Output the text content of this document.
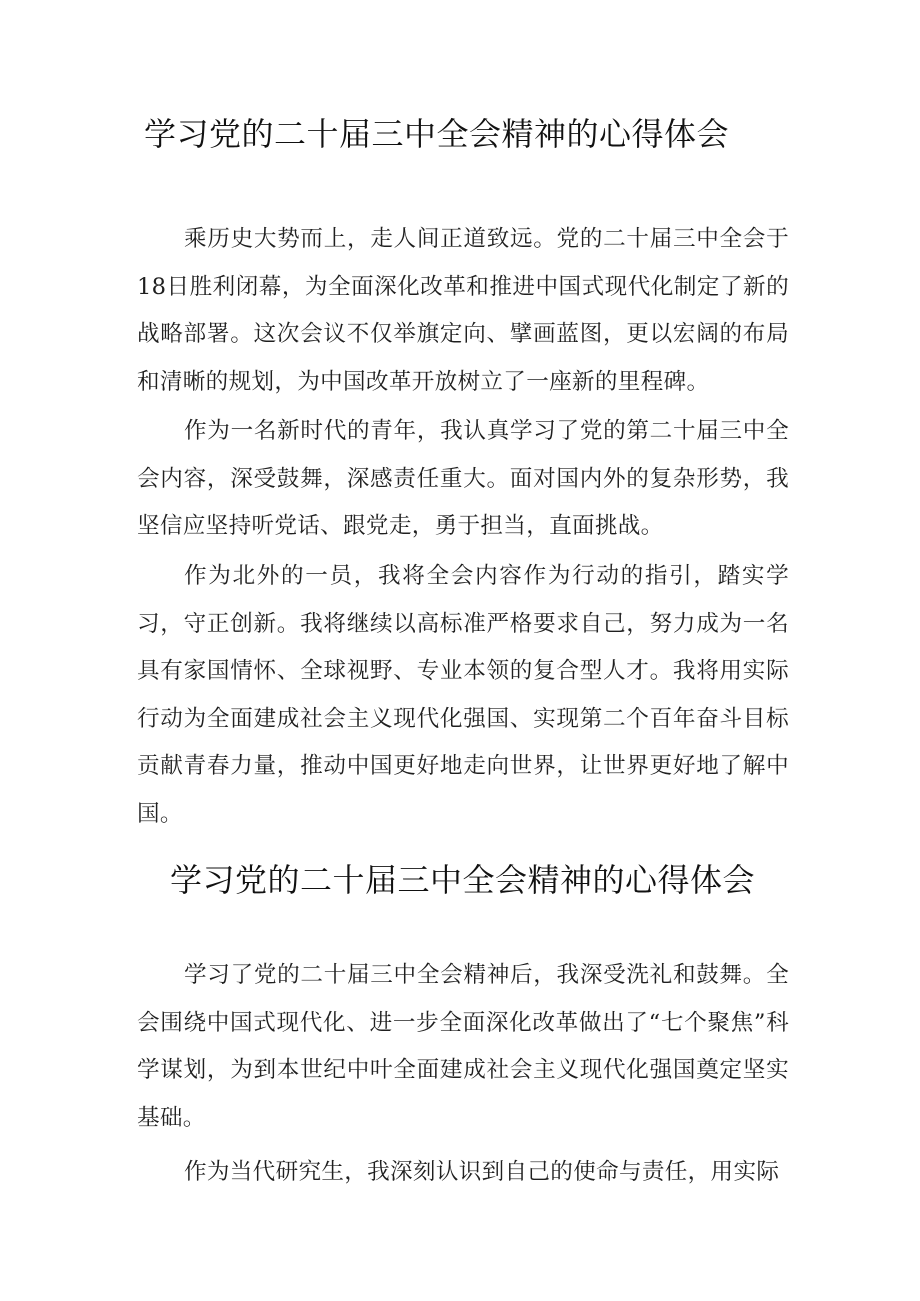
学习党的二十届三中全会精神的心得体会

乘历史大势而上，走人间正道致远。党的二十届三中全会于18日胜利闭幕，为全面深化改革和推进中国式现代化制定了新的战略部署。这次会议不仅举旗定向、擘画蓝图，更以宏阔的布局和清晰的规划，为中国改革开放树立了一座新的里程碑。

作为一名新时代的青年，我认真学习了党的第二十届三中全会内容，深受鼓舞，深感责任重大。面对国内外的复杂形势，我坚信应坚持听党话、跟党走，勇于担当，直面挑战。

作为北外的一员，我将全会内容作为行动的指引，踏实学习，守正创新。我将继续以高标准严格要求自己，努力成为一名具有家国情怀、全球视野、专业本领的复合型人才。我将用实际行动为全面建成社会主义现代化强国、实现第二个百年奋斗目标贡献青春力量，推动中国更好地走向世界，让世界更好地了解中国。

学习党的二十届三中全会精神的心得体会

学习了党的二十届三中全会精神后，我深受洗礼和鼓舞。全会围绕中国式现代化、进一步全面深化改革做出了“七个聚焦”科学谋划，为到本世纪中叶全面建成社会主义现代化强国奠定坚实基础。

作为当代研究生，我深刻认识到自己的使命与责任，用实际
